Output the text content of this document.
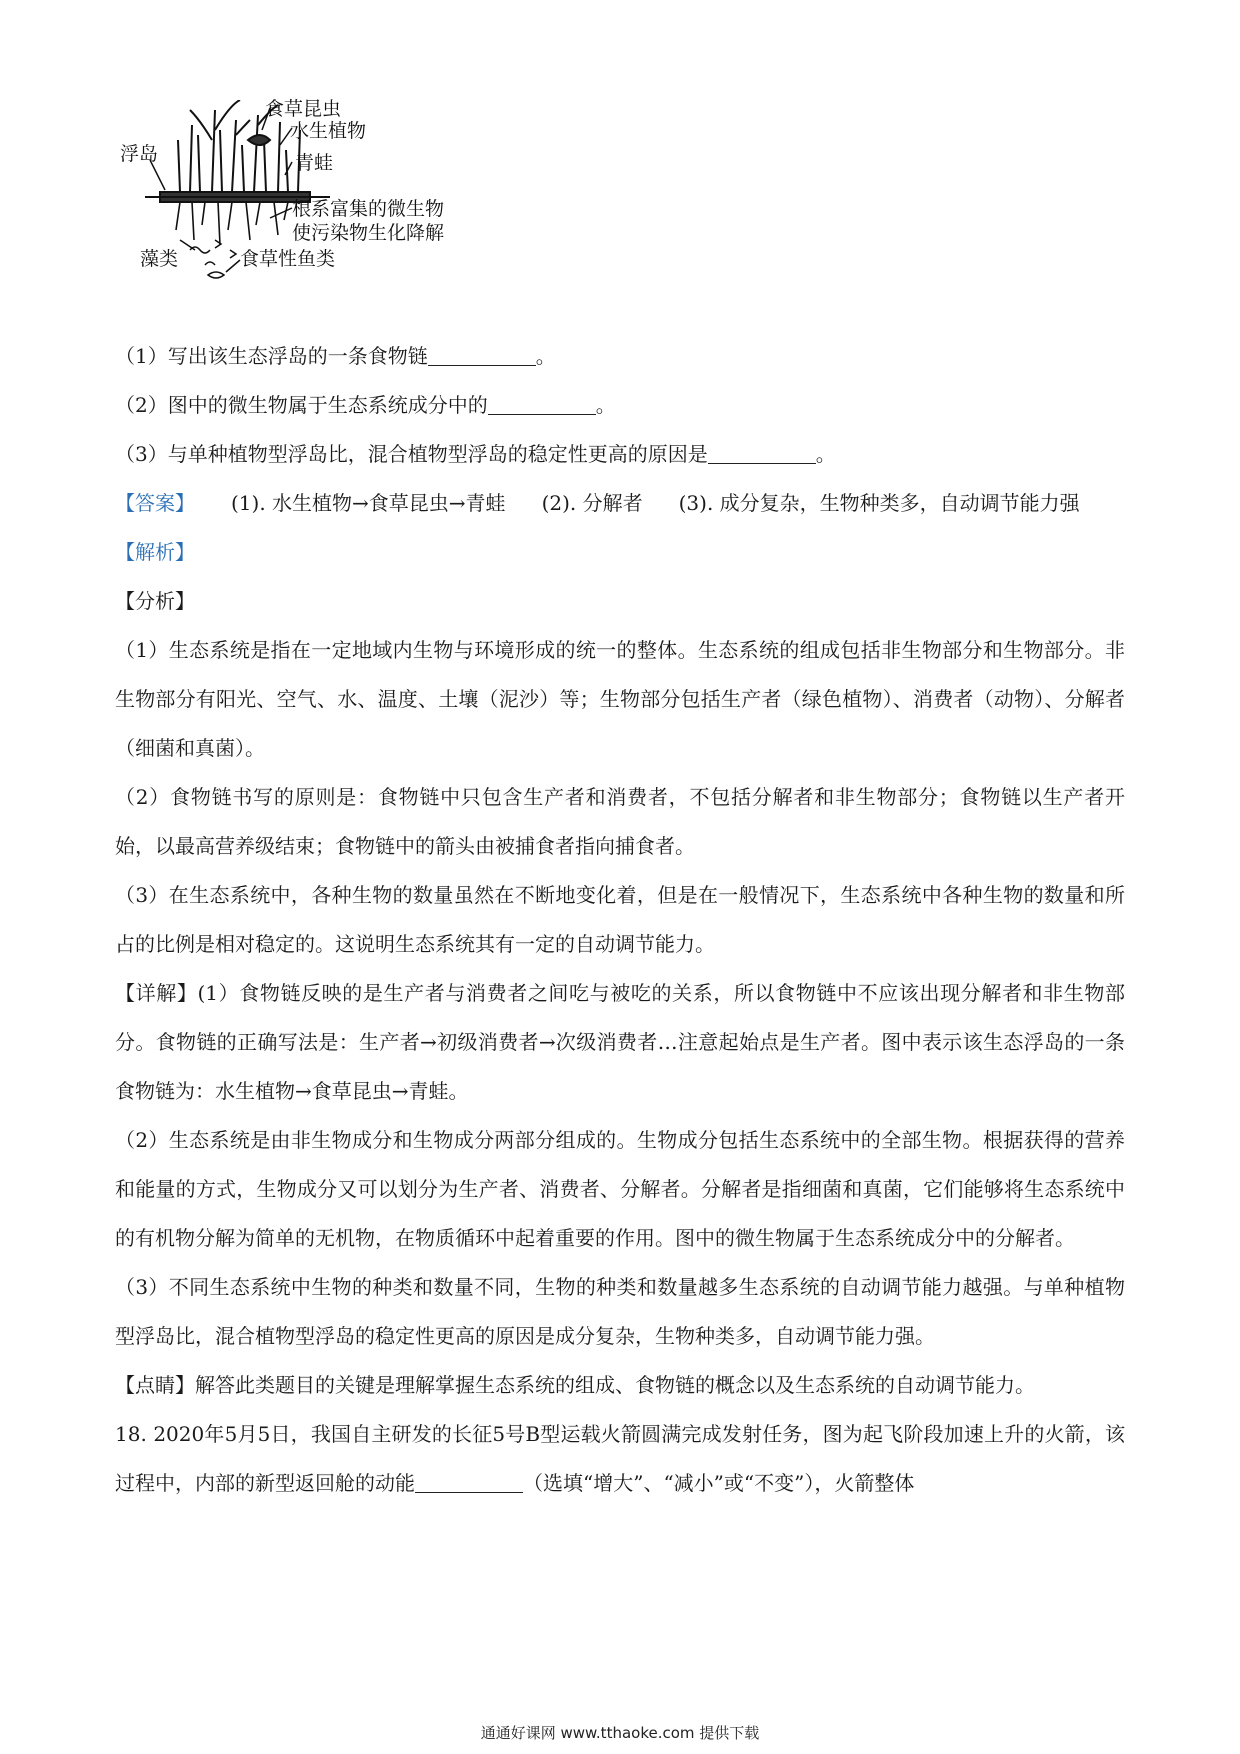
食草昆虫
水生植物
浮岛	青蛙
根系富集的微生物
使污染物生化降解
藻类	食草性鱼类

（1）写出该生态浮岛的一条食物链	。

（2）图中的微生物属于生态系统成分中的	。

（3）与单种植物型浮岛比，混合植物型浮岛的稳定性更高的原因是	。

【答案】 (1). 水生植物→食草昆虫→青蛙 (2). 分解者 (3). 成分复杂，生物种类多，自动调节能力强

【解析】

【分析】

（1）生态系统是指在一定地域内生物与环境形成的统一的整体。生态系统的组成包括非生物部分和生物部分。非生物部分有阳光、空气、水、温度、土壤（泥沙）等；生物部分包括生产者（绿色植物）、消费者（动物）、分解者（细菌和真菌）。

（2）食物链书写的原则是：食物链中只包含生产者和消费者，不包括分解者和非生物部分；食物链以生产者开始，以最高营养级结束；食物链中的箭头由被捕食者指向捕食者。

（3）在生态系统中，各种生物的数量虽然在不断地变化着，但是在一般情况下，生态系统中各种生物的数量和所占的比例是相对稳定的。这说明生态系统其有一定的自动调节能力。

【详解】(1）食物链反映的是生产者与消费者之间吃与被吃的关系，所以食物链中不应该出现分解者和非生物部分。食物链的正确写法是：生产者→初级消费者→次级消费者…注意起始点是生产者。图中表示该生态浮岛的一条食物链为：水生植物→食草昆虫→青蛙。

（2）生态系统是由非生物成分和生物成分两部分组成的。生物成分包括生态系统中的全部生物。根据获得的营养和能量的方式，生物成分又可以划分为生产者、消费者、分解者。分解者是指细菌和真菌，它们能够将生态系统中的有机物分解为简单的无机物，在物质循环中起着重要的作用。图中的微生物属于生态系统成分中的分解者。

（3）不同生态系统中生物的种类和数量不同，生物的种类和数量越多生态系统的自动调节能力越强。与单种植物型浮岛比，混合植物型浮岛的稳定性更高的原因是成分复杂，生物种类多，自动调节能力强。

【点睛】解答此类题目的关键是理解掌握生态系统的组成、食物链的概念以及生态系统的自动调节能力。

18. 2020年5月5日，我国自主研发的长征5号B型运载火箭圆满完成发射任务，图为起飞阶段加速上升的火箭，该过程中，内部的新型返回舱的动能	（选填“增大”、“减小”或“不变”），火箭整体

通通好课网 www.tthaoke.com 提供下载
